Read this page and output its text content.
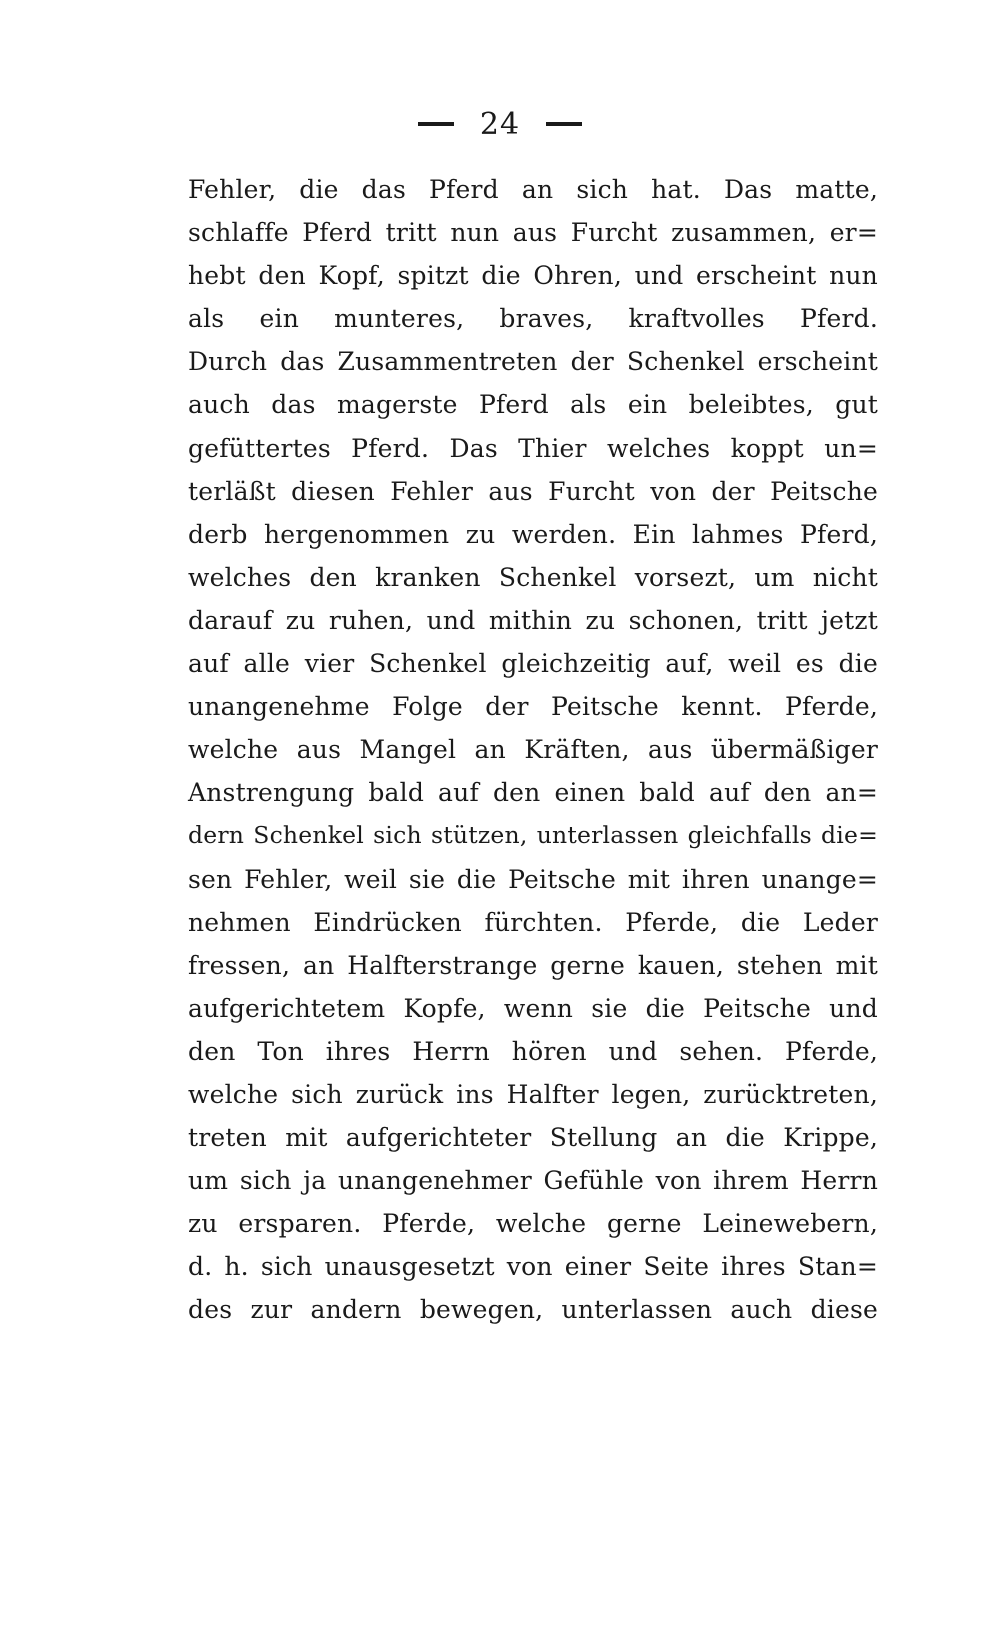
24
Fehler, die das Pferd an sich hat. Das matte,
schlaffe Pferd tritt nun aus Furcht zusammen, er=
hebt den Kopf, spitzt die Ohren, und erscheint nun
als ein munteres, braves, kraftvolles Pferd.
Durch das Zusammentreten der Schenkel erscheint
auch das magerste Pferd als ein beleibtes, gut
gefüttertes Pferd. Das Thier welches koppt un=
terläßt diesen Fehler aus Furcht von der Peitsche
derb hergenommen zu werden. Ein lahmes Pferd,
welches den kranken Schenkel vorsezt, um nicht
darauf zu ruhen, und mithin zu schonen, tritt jetzt
auf alle vier Schenkel gleichzeitig auf, weil es die
unangenehme Folge der Peitsche kennt. Pferde,
welche aus Mangel an Kräften, aus übermäßiger
Anstrengung bald auf den einen bald auf den an=
dern Schenkel sich stützen, unterlassen gleichfalls die=
sen Fehler, weil sie die Peitsche mit ihren unange=
nehmen Eindrücken fürchten. Pferde, die Leder
fressen, an Halfterstrange gerne kauen, stehen mit
aufgerichtetem Kopfe, wenn sie die Peitsche und
den Ton ihres Herrn hören und sehen. Pferde,
welche sich zurück ins Halfter legen, zurücktreten,
treten mit aufgerichteter Stellung an die Krippe,
um sich ja unangenehmer Gefühle von ihrem Herrn
zu ersparen. Pferde, welche gerne Leinewebern,
d. h. sich unausgesetzt von einer Seite ihres Stan=
des zur andern bewegen, unterlassen auch diese
